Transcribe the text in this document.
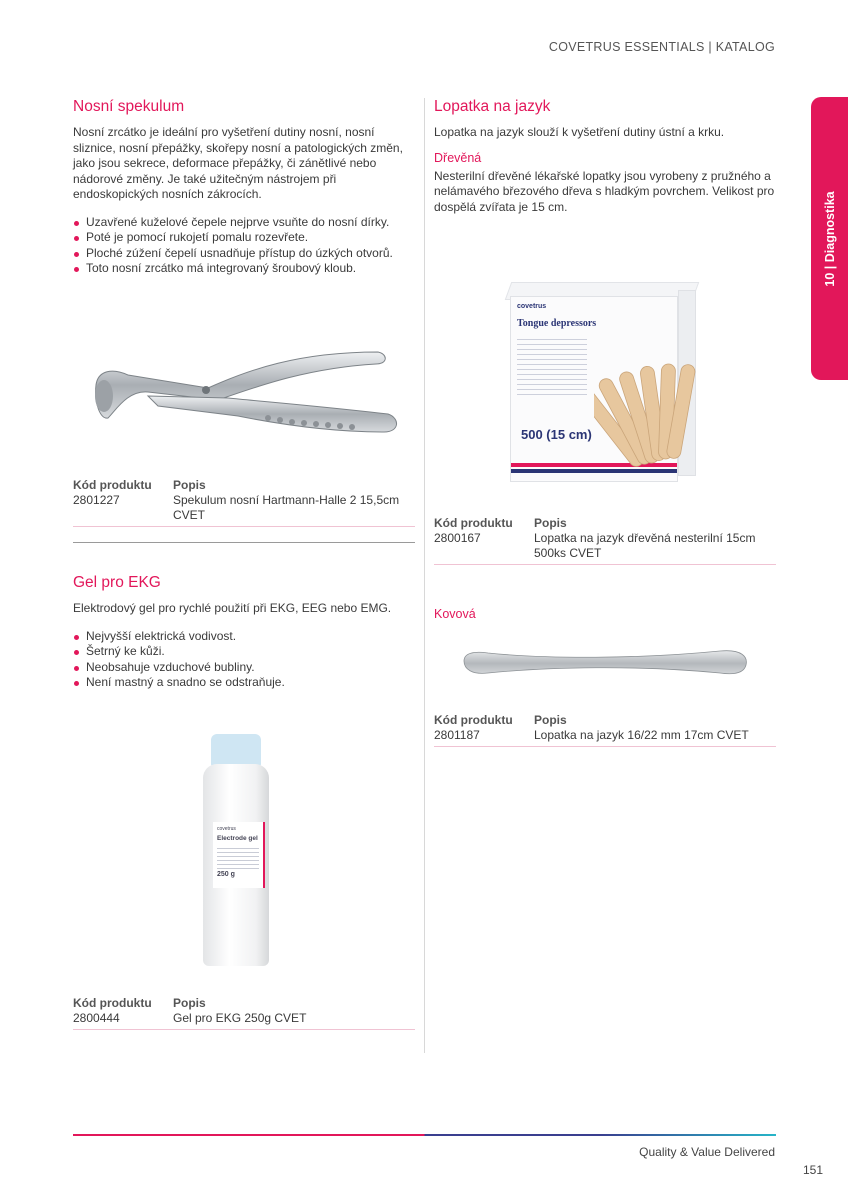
COVETRUS ESSENTIALS | KATALOG
10 | Diagnostika
Nosní spekulum

Nosní zrcátko je ideální pro vyšetření dutiny nosní, nosní sliznice, nosní přepážky, skořepy nosní a patologických změn, jako jsou sekrece, deformace přepážky, či zánětlivé nebo nádorové změny. Je také užitečným nástrojem při endoskopických nosních zákrocích.

Uzavřené kuželové čepele nejprve vsuňte do nosní dírky.
Poté je pomocí rukojetí pomalu rozevřete.
Ploché zúžení čepelí usnadňuje přístup do úzkých otvorů.
Toto nosní zrcátko má integrovaný šroubový kloub.
Kód produktu	Popis
2801227	Spekulum nosní Hartmann-Halle 2 15,5cm CVET
Gel pro EKG

Elektrodový gel pro rychlé použití při EKG, EEG nebo EMG.

Nejvyšší elektrická vodivost.
Šetrný ke kůži.
Neobsahuje vzduchové bubliny.
Není mastný a snadno se odstraňuje.
covetrus
Electrode gel
250 g
Kód produktu	Popis
2800444	Gel pro EKG 250g CVET
Lopatka na jazyk

Lopatka na jazyk slouží k vyšetření dutiny ústní a krku.

Dřevěná

Nesterilní dřevěné lékařské lopatky jsou vyrobeny z pružného a nelámavého březového dřeva s hladkým povrchem. Velikost pro dospělá zvířata je 15 cm.

covetrus
Tongue depressors
500 (15 cm)
Kód produktu	Popis
2800167	Lopatka na jazyk dřevěná nesterilní 15cm 500ks CVET
Kovová
Kód produktu	Popis
2801187	Lopatka na jazyk 16/22 mm 17cm CVET
Quality & Value Delivered
151
